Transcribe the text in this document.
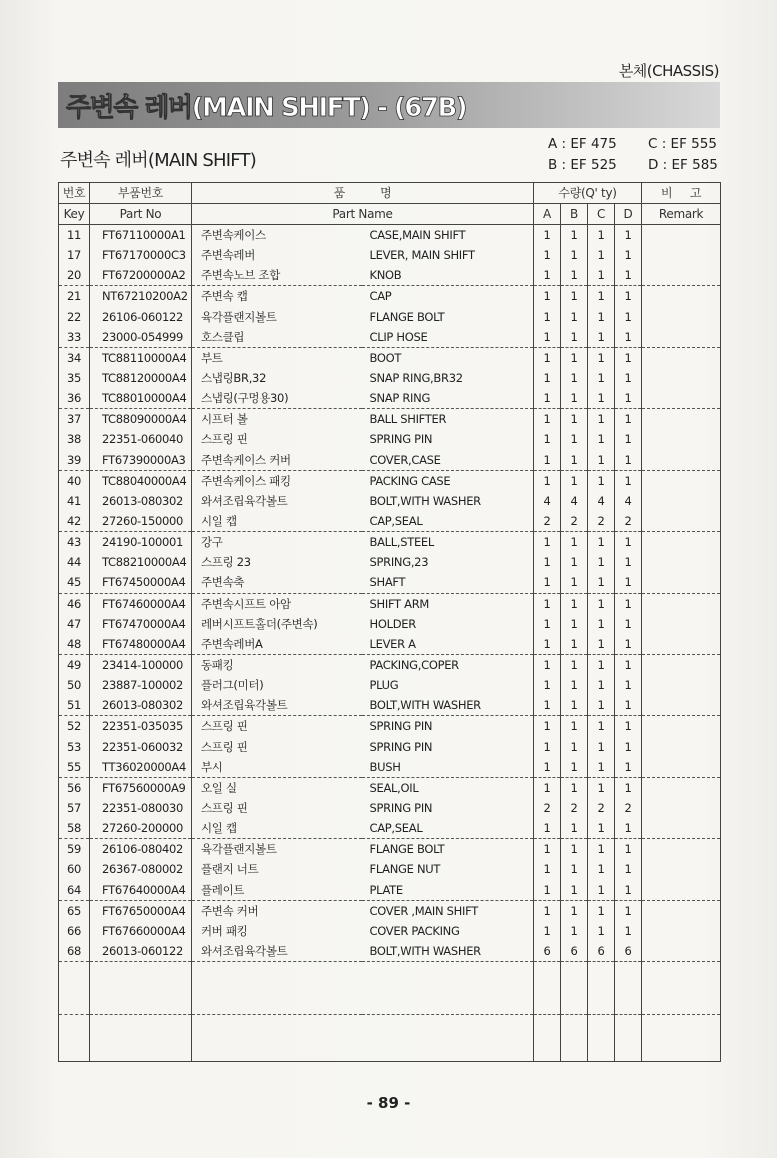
본체(CHASSIS)
주변속 레버(MAIN SHIFT) - (67B)
주변속 레버(MAIN SHIFT)
A : EF 475
B : EF 525
C : EF 555
D : EF 585
번호	부품번호	품          명		수량(Q' ty)				비     고
Key	Part No	Part Name		A	B	C	D	Remark
11	FT67110000A1	주변속케이스	CASE,MAIN SHIFT	1	1	1	1	
17	FT67170000C3	주변속레버	LEVER, MAIN SHIFT	1	1	1	1	
20	FT67200000A2	주변속노브 조합	KNOB	1	1	1	1	
21	NT67210200A2	주변속 캡	CAP	1	1	1	1	
22	26106-060122	육각플랜지볼트	FLANGE BOLT	1	1	1	1	
33	23000-054999	호스클립	CLIP HOSE	1	1	1	1	
34	TC88110000A4	부트	BOOT	1	1	1	1	
35	TC88120000A4	스냅링BR,32	SNAP RING,BR32	1	1	1	1	
36	TC88010000A4	스냅링(구멍용30)	SNAP RING	1	1	1	1	
37	TC88090000A4	시프터 볼	BALL SHIFTER	1	1	1	1	
38	22351-060040	스프링 핀	SPRING PIN	1	1	1	1	
39	FT67390000A3	주변속케이스 커버	COVER,CASE	1	1	1	1	
40	TC88040000A4	주변속케이스 패킹	PACKING CASE	1	1	1	1	
41	26013-080302	와셔조립육각볼트	BOLT,WITH WASHER	4	4	4	4	
42	27260-150000	시일 캡	CAP,SEAL	2	2	2	2	
43	24190-100001	강구	BALL,STEEL	1	1	1	1	
44	TC88210000A4	스프링 23	SPRING,23	1	1	1	1	
45	FT67450000A4	주변속축	SHAFT	1	1	1	1	
46	FT67460000A4	주변속시프트 아암	SHIFT ARM	1	1	1	1	
47	FT67470000A4	레버시프트홀더(주변속)	HOLDER	1	1	1	1	
48	FT67480000A4	주변속레버A	LEVER A	1	1	1	1	
49	23414-100000	동패킹	PACKING,COPER	1	1	1	1	
50	23887-100002	플러그(미터)	PLUG	1	1	1	1	
51	26013-080302	와셔조립육각볼트	BOLT,WITH WASHER	1	1	1	1	
52	22351-035035	스프링 핀	SPRING PIN	1	1	1	1	
53	22351-060032	스프링 핀	SPRING PIN	1	1	1	1	
55	TT36020000A4	부시	BUSH	1	1	1	1	
56	FT67560000A9	오일 실	SEAL,OIL	1	1	1	1	
57	22351-080030	스프링 핀	SPRING PIN	2	2	2	2	
58	27260-200000	시일 캡	CAP,SEAL	1	1	1	1	
59	26106-080402	육각플랜지볼트	FLANGE BOLT	1	1	1	1	
60	26367-080002	플랜지 너트	FLANGE NUT	1	1	1	1	
64	FT67640000A4	플레이트	PLATE	1	1	1	1	
65	FT67650000A4	주변속 커버	COVER ,MAIN SHIFT	1	1	1	1	
66	FT67660000A4	커버 패킹	COVER PACKING	1	1	1	1	
68	26013-060122	와셔조립육각볼트	BOLT,WITH WASHER	6	6	6	6	

- 89 -
